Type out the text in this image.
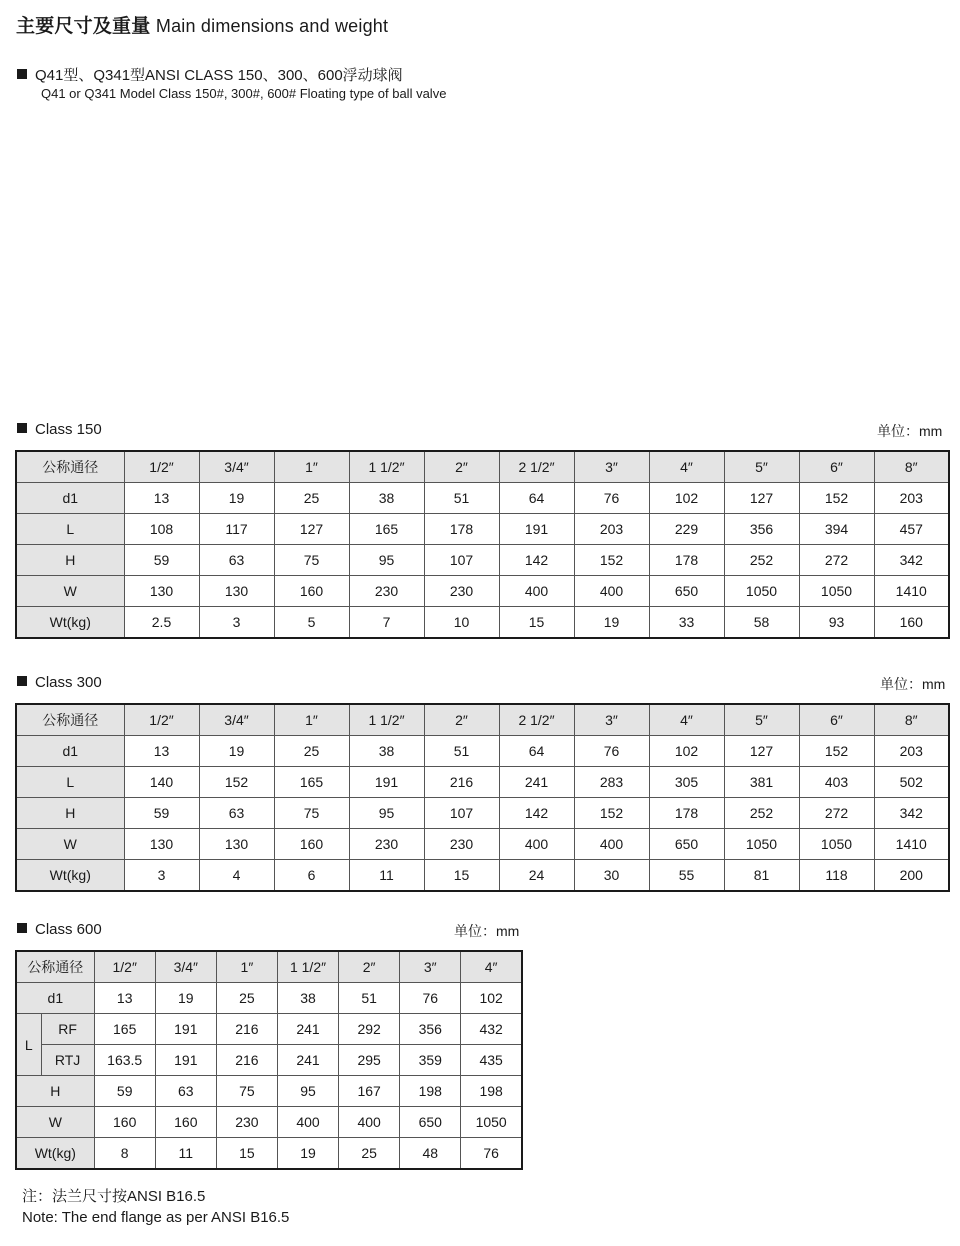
主要尺寸及重量 Main dimensions and weight
Q41型、Q341型ANSI CLASS 150、300、600浮动球阀
Q41 or Q341 Model Class 150#, 300#, 600# Floating type of ball valve
Class 150	单位：mm
公称通径	1/2″	3/4″	1″	1 1/2″	2″	2 1/2″	3″	4″	5″	6″	8″
d1	13	19	25	38	51	64	76	102	127	152	203
L	108	117	127	165	178	191	203	229	356	394	457
H	59	63	75	95	107	142	152	178	252	272	342
W	130	130	160	230	230	400	400	650	1050	1050	1410
Wt(kg)	2.5	3	5	7	10	15	19	33	58	93	160
Class 300	单位：mm
公称通径	1/2″	3/4″	1″	1 1/2″	2″	2 1/2″	3″	4″	5″	6″	8″
d1	13	19	25	38	51	64	76	102	127	152	203
L	140	152	165	191	216	241	283	305	381	403	502
H	59	63	75	95	107	142	152	178	252	272	342
W	130	130	160	230	230	400	400	650	1050	1050	1410
Wt(kg)	3	4	6	11	15	24	30	55	81	118	200
Class 600	单位：mm
公称通径		1/2″	3/4″	1″	1 1/2″	2″	3″	4″
d1		13	19	25	38	51	76	102
L	RF	165	191	216	241	292	356	432
	RTJ	163.5	191	216	241	295	359	435
H		59	63	75	95	167	198	198
W		160	160	230	400	400	650	1050
Wt(kg)		8	11	15	19	25	48	76
注：法兰尺寸按ANSI B16.5
Note: The end flange as per ANSI B16.5
